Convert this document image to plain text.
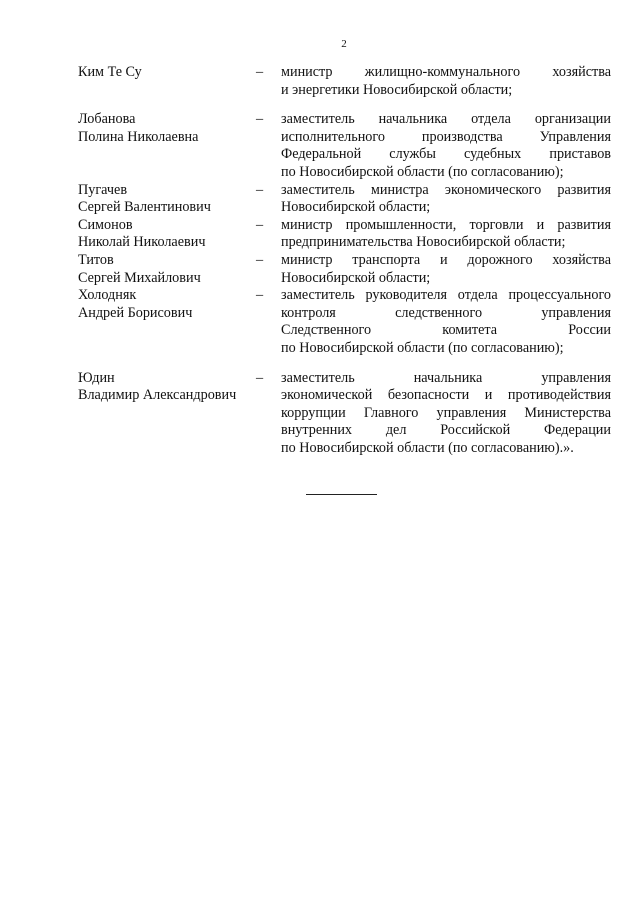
2
Ким Те Су	–	министр жилищно-коммунального хозяйства
и энергетики Новосибирской области;

Лобанова
Полина Николаевна	–	заместитель начальника отдела организации
исполнительного производства Управления
Федеральной службы судебных приставов
по Новосибирской области (по согласованию);

Пугачев
Сергей Валентинович	–	заместитель министра экономического развития
Новосибирской области;

Симонов
Николай Николаевич	–	министр промышленности, торговли и развития
предпринимательства Новосибирской области;

Титов
Сергей Михайлович	–	министр транспорта и дорожного хозяйства
Новосибирской области;

Холодняк
Андрей Борисович	–	заместитель руководителя отдела процессуального
контроля следственного управления
Следственного комитета России
по Новосибирской области (по согласованию);

Юдин
Владимир Александрович	–	заместитель начальника управления
экономической безопасности и противодействия
коррупции Главного управления Министерства
внутренних дел Российской Федерации
по Новосибирской области (по согласованию).».
